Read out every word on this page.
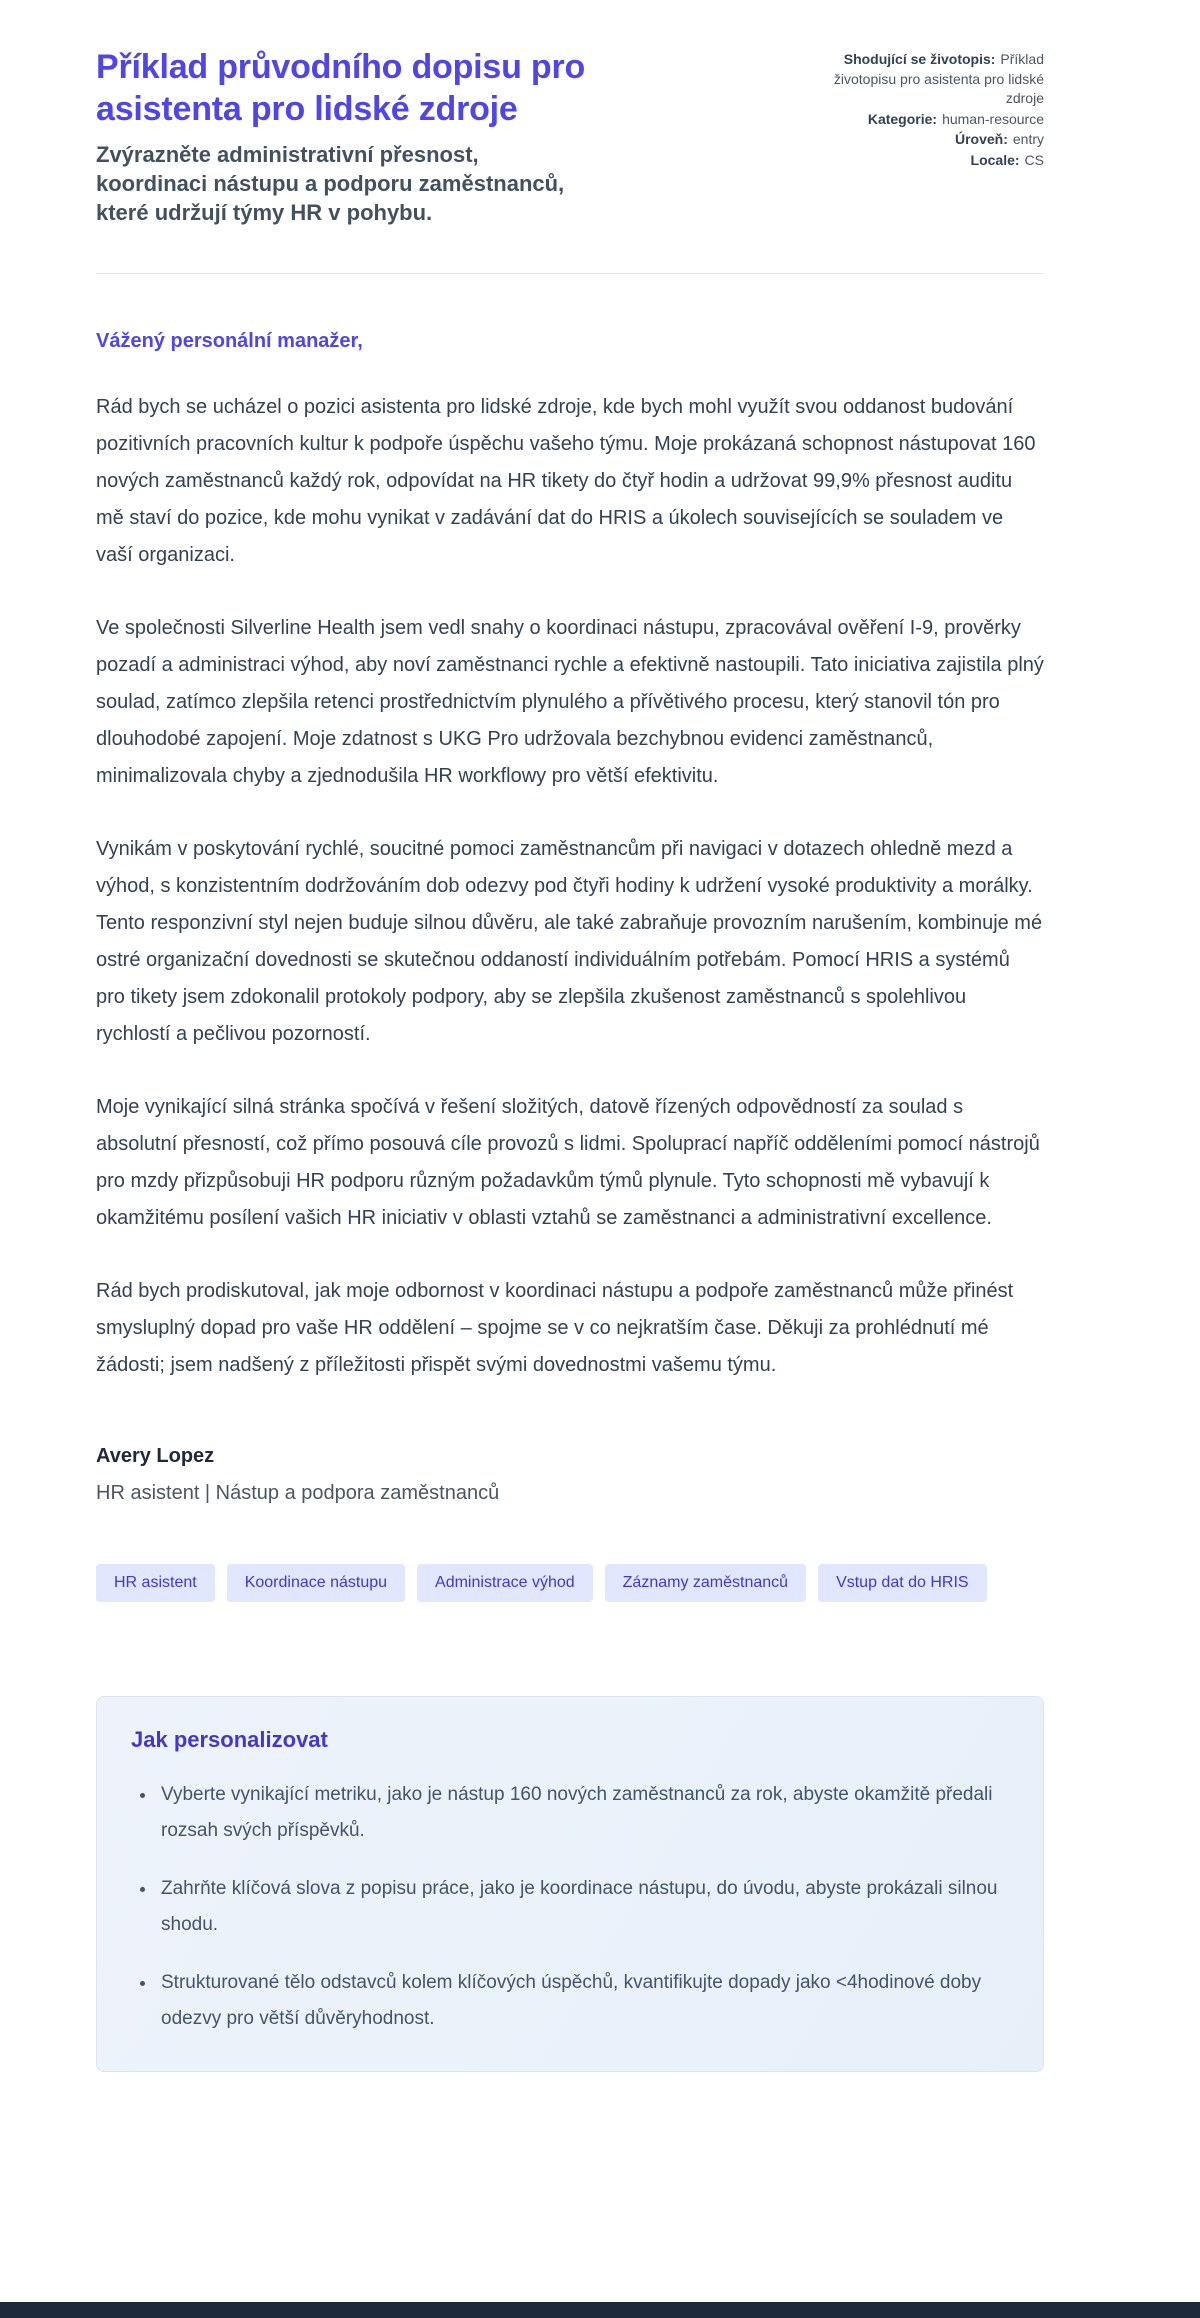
Příklad průvodního dopisu pro asistenta pro lidské zdroje
Zvýrazněte administrativní přesnost, koordinaci nástupu a podporu zaměstnanců, které udržují týmy HR v pohybu.
Shodující se životopis: Příklad životopisu pro asistenta pro lidské zdroje
Kategorie: human-resource
Úroveň: entry
Locale: CS
Vážený personální manažer,

Rád bych se ucházel o pozici asistenta pro lidské zdroje, kde bych mohl využít svou oddanost budování pozitivních pracovních kultur k podpoře úspěchu vašeho týmu. Moje prokázaná schopnost nástupovat 160 nových zaměstnanců každý rok, odpovídat na HR tikety do čtyř hodin a udržovat 99,9% přesnost auditu mě staví do pozice, kde mohu vynikat v zadávání dat do HRIS a úkolech souvisejících se souladem ve vaší organizaci.

Ve společnosti Silverline Health jsem vedl snahy o koordinaci nástupu, zpracovával ověření I-9, prověrky pozadí a administraci výhod, aby noví zaměstnanci rychle a efektivně nastoupili. Tato iniciativa zajistila plný soulad, zatímco zlepšila retenci prostřednictvím plynulého a přívětivého procesu, který stanovil tón pro dlouhodobé zapojení. Moje zdatnost s UKG Pro udržovala bezchybnou evidenci zaměstnanců, minimalizovala chyby a zjednodušila HR workflowy pro větší efektivitu.

Vynikám v poskytování rychlé, soucitné pomoci zaměstnancům při navigaci v dotazech ohledně mezd a výhod, s konzistentním dodržováním dob odezvy pod čtyři hodiny k udržení vysoké produktivity a morálky. Tento responzivní styl nejen buduje silnou důvěru, ale také zabraňuje provozním narušením, kombinuje mé ostré organizační dovednosti se skutečnou oddaností individuálním potřebám. Pomocí HRIS a systémů pro tikety jsem zdokonalil protokoly podpory, aby se zlepšila zkušenost zaměstnanců s spolehlivou rychlostí a pečlivou pozorností.

Moje vynikající silná stránka spočívá v řešení složitých, datově řízených odpovědností za soulad s absolutní přesností, což přímo posouvá cíle provozů s lidmi. Spoluprací napříč odděleními pomocí nástrojů pro mzdy přizpůsobuji HR podporu různým požadavkům týmů plynule. Tyto schopnosti mě vybavují k okamžitému posílení vašich HR iniciativ v oblasti vztahů se zaměstnanci a administrativní excellence.

Rád bych prodiskutoval, jak moje odbornost v koordinaci nástupu a podpoře zaměstnanců může přinést smysluplný dopad pro vaše HR oddělení – spojme se v co nejkratším čase. Děkuji za prohlédnutí mé žádosti; jsem nadšený z příležitosti přispět svými dovednostmi vašemu týmu.

Avery Lopez
HR asistent | Nástup a podpora zaměstnanců
HR asistent	Koordinace nástupu	Administrace výhod	Záznamy zaměstnanců	Vstup dat do HRIS
Jak personalizovat
• Vyberte vynikající metriku, jako je nástup 160 nových zaměstnanců za rok, abyste okamžitě předali rozsah svých příspěvků.
• Zahrňte klíčová slova z popisu práce, jako je koordinace nástupu, do úvodu, abyste prokázali silnou shodu.
• Strukturované tělo odstavců kolem klíčových úspěchů, kvantifikujte dopady jako <4hodinové doby odezvy pro větší důvěryhodnost.
